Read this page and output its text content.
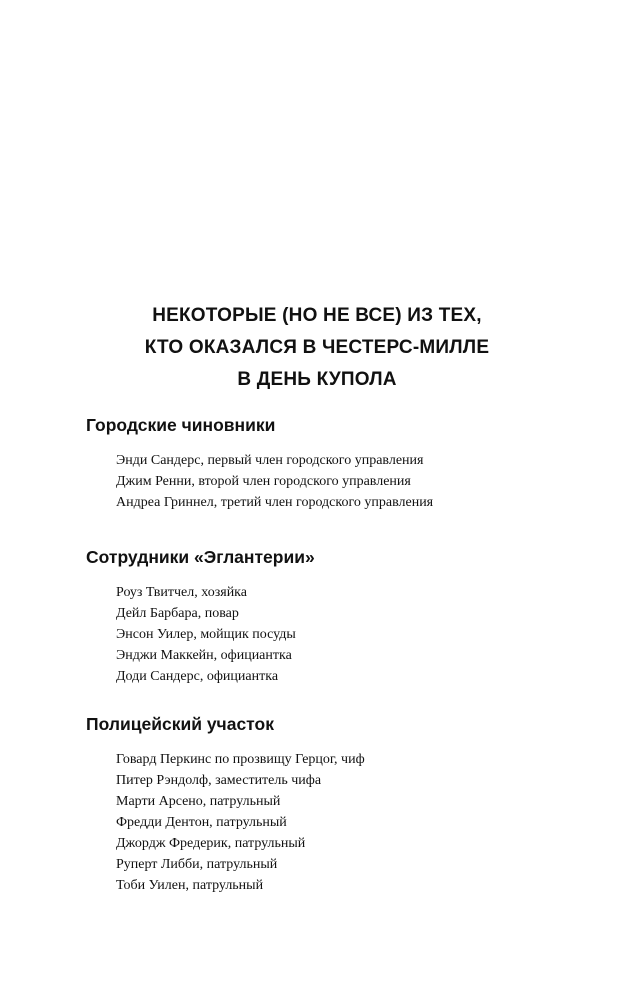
НЕКОТОРЫЕ (НО НЕ ВСЕ) ИЗ ТЕХ,
КТО ОКАЗАЛСЯ В ЧЕСТЕРС-МИЛЛЕ
В ДЕНЬ КУПОЛА
Городские чиновники
Энди Сандерс, первый член городского управления
Джим Ренни, второй член городского управления
Андреа Гриннел, третий член городского управления
Сотрудники «Эглантерии»
Роуз Твитчел, хозяйка
Дейл Барбара, повар
Энсон Уилер, мойщик посуды
Энджи Маккейн, официантка
Доди Сандерс, официантка
Полицейский участок
Говард Перкинс по прозвищу Герцог, чиф
Питер Рэндолф, заместитель чифа
Марти Арсено, патрульный
Фредди Дентон, патрульный
Джордж Фредерик, патрульный
Руперт Либби, патрульный
Тоби Уилен, патрульный
